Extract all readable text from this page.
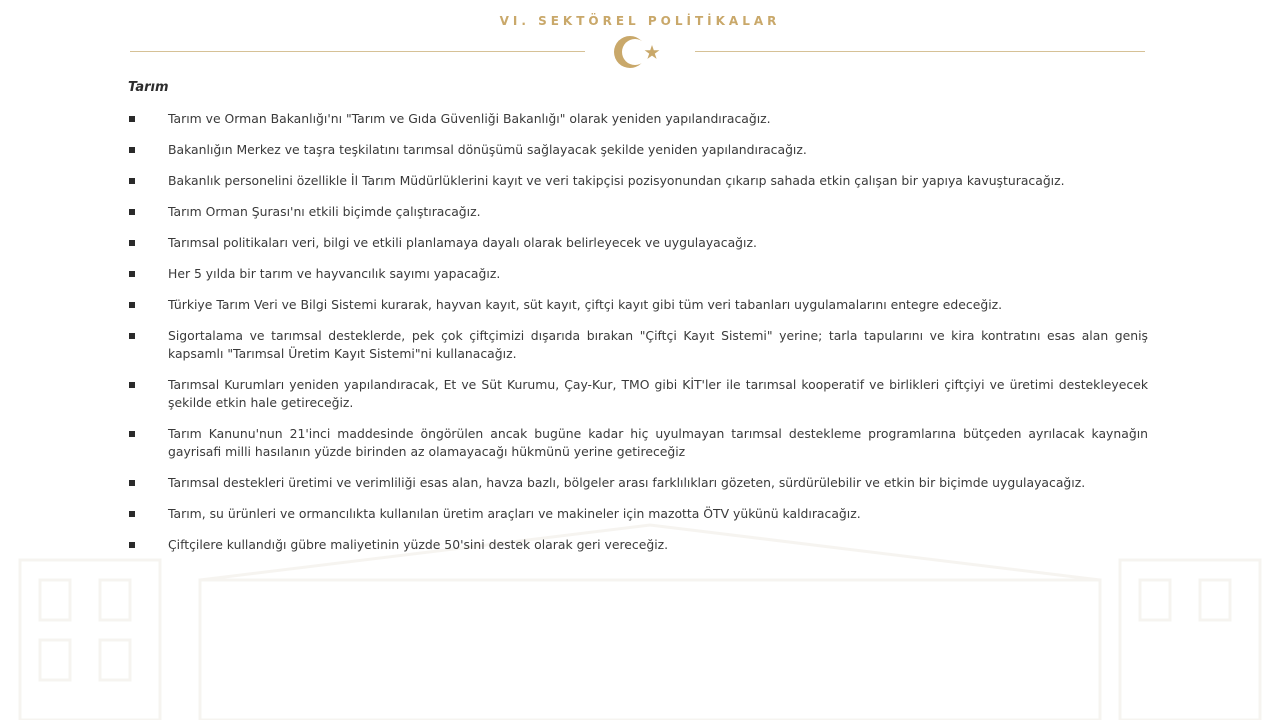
VI. SEKTÖREL POLİTİKALAR
Tarım
Tarım ve Orman Bakanlığı'nı "Tarım ve Gıda Güvenliği Bakanlığı" olarak yeniden yapılandıracağız.
Bakanlığın Merkez ve taşra teşkilatını tarımsal dönüşümü sağlayacak şekilde yeniden yapılandıracağız.
Bakanlık personelini özellikle İl Tarım Müdürlüklerini kayıt ve veri takipçisi pozisyonundan çıkarıp sahada etkin çalışan bir yapıya kavuşturacağız.
Tarım Orman Şurası'nı etkili biçimde çalıştıracağız.
Tarımsal politikaları veri, bilgi ve etkili planlamaya dayalı olarak belirleyecek ve uygulayacağız.
Her 5 yılda bir tarım ve hayvancılık sayımı yapacağız.
Türkiye Tarım Veri ve Bilgi Sistemi kurarak, hayvan kayıt, süt kayıt, çiftçi kayıt gibi tüm veri tabanları uygulamalarını entegre edeceğiz.
Sigortalama ve tarımsal desteklerde, pek çok çiftçimizi dışarıda bırakan "Çiftçi Kayıt Sistemi" yerine; tarla tapularını ve kira kontratını esas alan geniş kapsamlı "Tarımsal Üretim Kayıt Sistemi"ni kullanacağız.
Tarımsal Kurumları yeniden yapılandıracak, Et ve Süt Kurumu, Çay-Kur, TMO gibi KİT'ler ile tarımsal kooperatif ve birlikleri çiftçiyi ve üretimi destekleyecek şekilde etkin hale getireceğiz.
Tarım Kanunu'nun 21'inci maddesinde öngörülen ancak bugüne kadar hiç uyulmayan tarımsal destekleme programlarına bütçeden ayrılacak kaynağın gayrisafi milli hasılanın yüzde birinden az olamayacağı hükmünü yerine getireceğiz
Tarımsal destekleri üretimi ve verimliliği esas alan, havza bazlı, bölgeler arası farklılıkları gözeten, sürdürülebilir ve etkin bir biçimde uygulayacağız.
Tarım, su ürünleri ve ormancılıkta kullanılan üretim araçları ve makineler için mazotta ÖTV yükünü kaldıracağız.
Çiftçilere kullandığı gübre maliyetinin yüzde 50'sini destek olarak geri vereceğiz.
